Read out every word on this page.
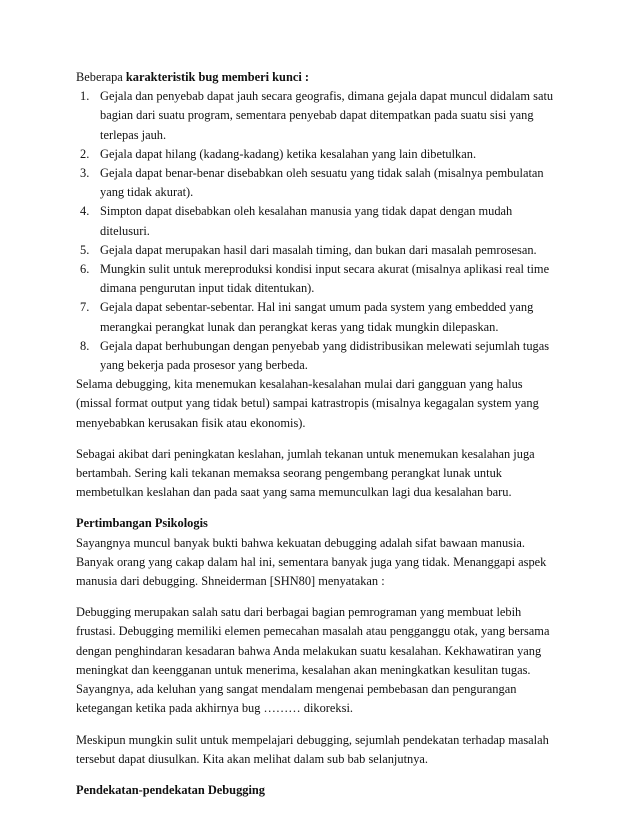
Beberapa karakteristik bug memberi kunci :
1. Gejala dan penyebab dapat jauh secara geografis, dimana gejala dapat muncul didalam satu bagian dari suatu program, sementara penyebab dapat ditempatkan pada suatu sisi yang terlepas jauh.
2. Gejala dapat hilang (kadang-kadang) ketika kesalahan yang lain dibetulkan.
3. Gejala dapat benar-benar disebabkan oleh sesuatu yang tidak salah (misalnya pembulatan yang tidak akurat).
4. Simpton dapat disebabkan oleh kesalahan manusia yang tidak dapat dengan mudah ditelusuri.
5. Gejala dapat merupakan hasil dari masalah timing, dan bukan dari masalah pemrosesan.
6. Mungkin sulit untuk mereproduksi kondisi input secara akurat (misalnya aplikasi real time dimana pengurutan input tidak ditentukan).
7. Gejala dapat sebentar-sebentar. Hal ini sangat umum pada system yang embedded yang merangkai perangkat lunak dan perangkat keras yang tidak mungkin dilepaskan.
8. Gejala dapat berhubungan dengan penyebab yang didistribusikan melewati sejumlah tugas yang bekerja pada prosesor yang berbeda.

Selama debugging, kita menemukan kesalahan-kesalahan mulai dari gangguan yang halus (missal format output yang tidak betul) sampai katrastropis (misalnya kegagalan system yang menyebabkan kerusakan fisik atau ekonomis).

Sebagai akibat dari peningkatan keslahan, jumlah tekanan untuk menemukan kesalahan juga bertambah. Sering kali tekanan memaksa seorang pengembang perangkat lunak untuk membetulkan keslahan dan pada saat yang sama memunculkan lagi dua kesalahan baru.

Pertimbangan Psikologis

Sayangnya muncul banyak bukti bahwa kekuatan debugging adalah sifat bawaan manusia. Banyak orang yang cakap dalam hal ini, sementara banyak juga yang tidak. Menanggapi aspek manusia dari debugging. Shneiderman [SHN80] menyatakan :

Debugging merupakan salah satu dari berbagai bagian pemrograman yang membuat lebih frustasi. Debugging memiliki elemen pemecahan masalah atau pengganggu otak, yang bersama dengan penghindaran kesadaran bahwa Anda melakukan suatu kesalahan. Kekhawatiran yang meningkat dan keengganan untuk menerima, kesalahan akan meningkatkan kesulitan tugas. Sayangnya, ada keluhan yang sangat mendalam mengenai pembebasan dan pengurangan ketegangan ketika pada akhirnya bug ……… dikoreksi.

Meskipun mungkin sulit untuk mempelajari debugging, sejumlah pendekatan terhadap masalah tersebut dapat diusulkan. Kita akan melihat dalam sub bab selanjutnya.

Pendekatan-pendekatan Debugging
